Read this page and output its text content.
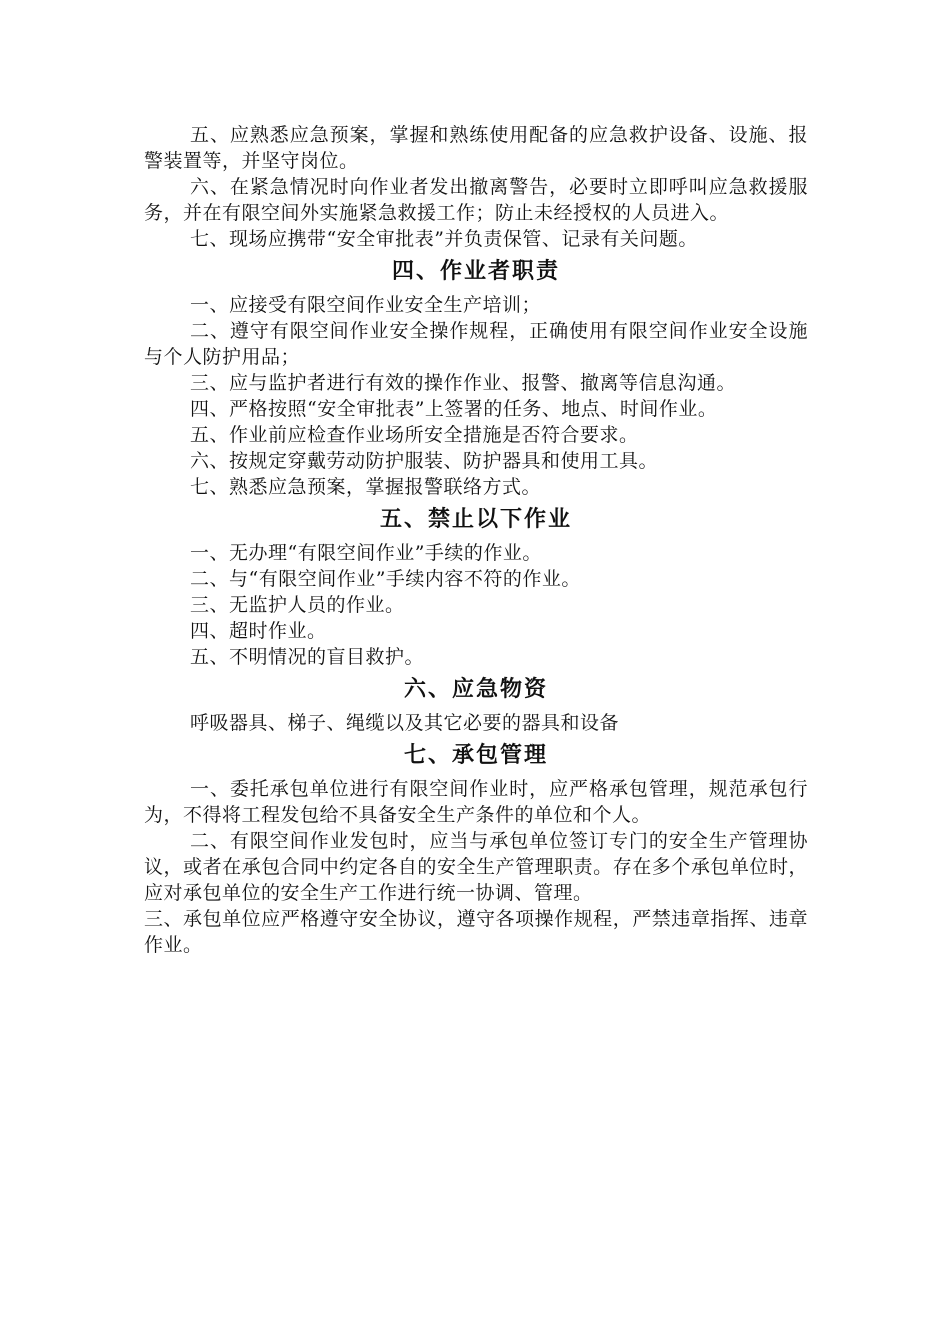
五、应熟悉应急预案，掌握和熟练使用配备的应急救护设备、设施、报警装置等，并坚守岗位。

六、在紧急情况时向作业者发出撤离警告，必要时立即呼叫应急救援服务，并在有限空间外实施紧急救援工作；防止未经授权的人员进入。

七、现场应携带“安全审批表”并负责保管、记录有关问题。

四、作业者职责

一、应接受有限空间作业安全生产培训；

二、遵守有限空间作业安全操作规程，正确使用有限空间作业安全设施与个人防护用品；

三、应与监护者进行有效的操作作业、报警、撤离等信息沟通。

四、严格按照“安全审批表”上签署的任务、地点、时间作业。

五、作业前应检查作业场所安全措施是否符合要求。

六、按规定穿戴劳动防护服装、防护器具和使用工具。

七、熟悉应急预案，掌握报警联络方式。

五、禁止以下作业

一、无办理“有限空间作业”手续的作业。

二、与“有限空间作业”手续内容不符的作业。

三、无监护人员的作业。

四、超时作业。

五、不明情况的盲目救护。

六、应急物资

呼吸器具、梯子、绳缆以及其它必要的器具和设备

七、承包管理

一、委托承包单位进行有限空间作业时，应严格承包管理，规范承包行为，不得将工程发包给不具备安全生产条件的单位和个人。

二、有限空间作业发包时，应当与承包单位签订专门的安全生产管理协议，或者在承包合同中约定各自的安全生产管理职责。存在多个承包单位时，应对承包单位的安全生产工作进行统一协调、管理。

三、承包单位应严格遵守安全协议，遵守各项操作规程，严禁违章指挥、违章作业。
